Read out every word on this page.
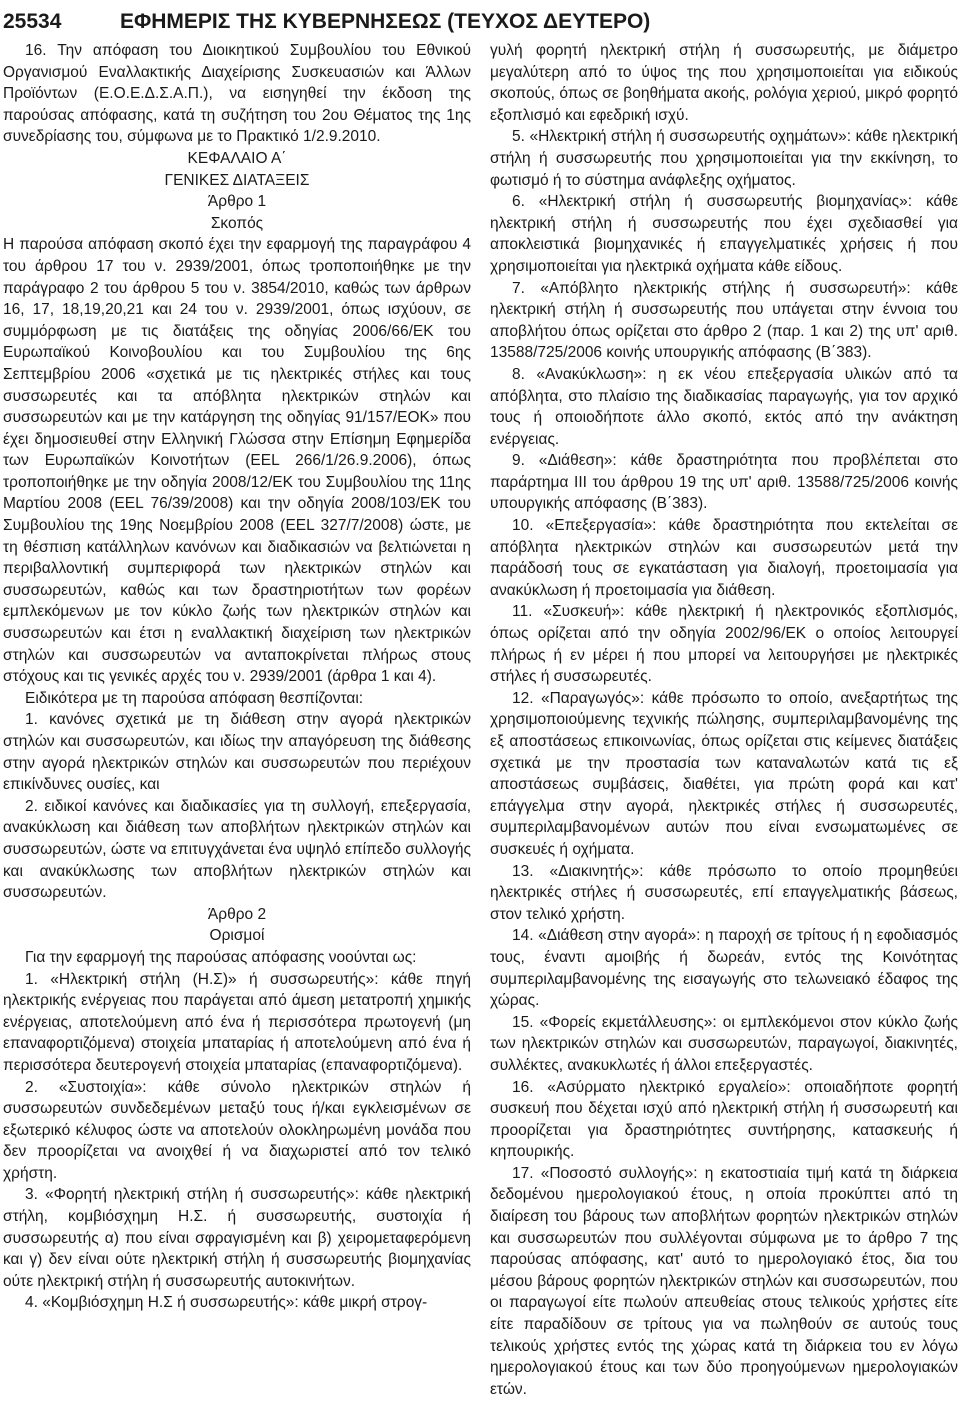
25534	ΕΦΗΜΕΡΙΣ ΤΗΣ ΚΥΒΕΡΝΗΣΕΩΣ (ΤΕΥΧΟΣ ΔΕΥΤΕΡΟ)

16. Την απόφαση του Διοικητικού Συμβουλίου του Εθνικού Οργανισμού Εναλλακτικής Διαχείρισης Συσκευασιών και Άλλων Προϊόντων (Ε.Ο.Ε.Δ.Σ.Α.Π.), να εισηγηθεί την έκδοση της παρούσας απόφασης, κατά τη συζήτηση του 2ου Θέματος της 1ης συνεδρίασης του, σύμφωνα με το Πρακτικό 1/2.9.2010.

ΚΕΦΑΛΑΙΟ Α΄

ΓΕΝΙΚΕΣ ΔΙΑΤΑΞΕΙΣ

Άρθρο 1

Σκοπός

Η παρούσα απόφαση σκοπό έχει την εφαρμογή της παραγράφου 4 του άρθρου 17 του ν. 2939/2001, όπως τροποποιήθηκε με την παράγραφο 2 του άρθρου 5 του ν. 3854/2010, καθώς των άρθρων 16, 17, 18,19,20,21 και 24 του ν. 2939/2001, όπως ισχύουν, σε συμμόρφωση με τις διατάξεις της οδηγίας 2006/66/ΕΚ του Ευρωπαϊκού Κοινοβουλίου και του Συμβουλίου της 6ης Σεπτεμβρίου 2006 «σχετικά με τις ηλεκτρικές στήλες και τους συσσωρευτές και τα απόβλητα ηλεκτρικών στηλών και συσσωρευτών και με την κατάργηση της οδηγίας 91/157/ΕΟΚ» που έχει δημοσιευθεί στην Ελληνική Γλώσσα στην Επίσημη Εφημερίδα των Ευρωπαϊκών Κοινοτήτων (ΕΕL 266/1/26.9.2006), όπως τροποποιήθηκε με την οδηγία 2008/12/ΕΚ του Συμβουλίου της 11ης Μαρτίου 2008 (ΕΕL 76/39/2008) και την οδηγία 2008/103/ΕΚ του Συμβουλίου της 19ης Νοεμβρίου 2008 (ΕΕL 327/7/2008) ώστε, με τη θέσπιση κατάλληλων κανόνων και διαδικασιών να βελτιώνεται η περιβαλλοντική συμπεριφορά των ηλεκτρικών στηλών και συσσωρευτών, καθώς και των δραστηριοτήτων των φορέων εμπλεκόμενων με τον κύκλο ζωής των ηλεκτρικών στηλών και συσσωρευτών και έτσι η εναλλακτική διαχείριση των ηλεκτρικών στηλών και συσσωρευτών να ανταποκρίνεται πλήρως στους στόχους και τις γενικές αρχές του ν. 2939/2001 (άρθρα 1 και 4).

Ειδικότερα με τη παρούσα απόφαση θεσπίζονται:

1. κανόνες σχετικά με τη διάθεση στην αγορά ηλεκτρικών στηλών και συσσωρευτών, και ιδίως την απαγόρευση της διάθεσης στην αγορά ηλεκτρικών στηλών και συσσωρευτών που περιέχουν επικίνδυνες ουσίες, και

2. ειδικοί κανόνες και διαδικασίες για τη συλλογή, επεξεργασία, ανακύκλωση και διάθεση των αποβλήτων ηλεκτρικών στηλών και συσσωρευτών, ώστε να επιτυγχάνεται ένα υψηλό επίπεδο συλλογής και ανακύκλωσης των αποβλήτων ηλεκτρικών στηλών και συσσωρευτών.

Άρθρο 2

Ορισμοί

Για την εφαρμογή της παρούσας απόφασης νοούνται ως:

1. «Ηλεκτρική στήλη (Η.Σ)» ή συσσωρευτής»: κάθε πηγή ηλεκτρικής ενέργειας που παράγεται από άμεση μετατροπή χημικής ενέργειας, αποτελούμενη από ένα ή περισσότερα πρωτογενή (μη επαναφορτιζόμενα) στοιχεία μπαταρίας ή αποτελούμενη από ένα ή περισσότερα δευτερογενή στοιχεία μπαταρίας (επαναφορτιζόμενα).

2. «Συστοιχία»: κάθε σύνολο ηλεκτρικών στηλών ή συσσωρευτών συνδεδεμένων μεταξύ τους ή/και εγκλεισμένων σε εξωτερικό κέλυφος ώστε να αποτελούν ολοκληρωμένη μονάδα που δεν προορίζεται να ανοιχθεί ή να διαχωριστεί από τον τελικό χρήστη.

3. «Φορητή ηλεκτρική στήλη ή συσσωρευτής»: κάθε ηλεκτρική στήλη, κομβιόσχημη Η.Σ. ή συσσωρευτής, συστοιχία ή συσσωρευτής α) που είναι σφραγισμένη και β) χειρομεταφερόμενη και γ) δεν είναι ούτε ηλεκτρική στήλη ή συσσωρευτής βιομηχανίας ούτε ηλεκτρική στήλη ή συσσωρευτής αυτοκινήτων.

4. «Κομβιόσχημη Η.Σ ή συσσωρευτής»: κάθε μικρή στρογ-

γυλή φορητή ηλεκτρική στήλη ή συσσωρευτής, με διάμετρο μεγαλύτερη από το ύψος της που χρησιμοποιείται για ειδικούς σκοπούς, όπως σε βοηθήματα ακοής, ρολόγια χεριού, μικρό φορητό εξοπλισμό και εφεδρική ισχύ.

5. «Ηλεκτρική στήλη ή συσσωρευτής οχημάτων»: κάθε ηλεκτρική στήλη ή συσσωρευτής που χρησιμοποιείται για την εκκίνηση, το φωτισμό ή το σύστημα ανάφλεξης οχήματος.

6. «Ηλεκτρική στήλη ή συσσωρευτής βιομηχανίας»: κάθε ηλεκτρική στήλη ή συσσωρευτής που έχει σχεδιασθεί για αποκλειστικά βιομηχανικές ή επαγγελματικές χρήσεις ή που χρησιμοποιείται για ηλεκτρικά οχήματα κάθε είδους.

7. «Απόβλητο ηλεκτρικής στήλης ή συσσωρευτή»: κάθε ηλεκτρική στήλη ή συσσωρευτής που υπάγεται στην έννοια του αποβλήτου όπως ορίζεται στο άρθρο 2 (παρ. 1 και 2) της υπ' αριθ. 13588/725/2006 κοινής υπουργικής απόφασης (Β΄383).

8. «Ανακύκλωση»: η εκ νέου επεξεργασία υλικών από τα απόβλητα, στο πλαίσιο της διαδικασίας παραγωγής, για τον αρχικό τους ή οποιοδήποτε άλλο σκοπό, εκτός από την ανάκτηση ενέργειας.

9. «Διάθεση»: κάθε δραστηριότητα που προβλέπεται στο παράρτημα ΙΙΙ του άρθρου 19 της υπ' αριθ. 13588/725/2006 κοινής υπουργικής απόφασης (Β΄383).

10. «Επεξεργασία»: κάθε δραστηριότητα που εκτελείται σε απόβλητα ηλεκτρικών στηλών και συσσωρευτών μετά την παράδοσή τους σε εγκατάσταση για διαλογή, προετοιμασία για ανακύκλωση ή προετοιμασία για διάθεση.

11. «Συσκευή»: κάθε ηλεκτρική ή ηλεκτρονικός εξοπλισμός, όπως ορίζεται από την οδηγία 2002/96/ΕΚ ο οποίος λειτουργεί πλήρως ή εν μέρει ή που μπορεί να λειτουργήσει με ηλεκτρικές στήλες ή συσσωρευτές.

12. «Παραγωγός»: κάθε πρόσωπο το οποίο, ανεξαρτήτως της χρησιμοποιούμενης τεχνικής πώλησης, συμπεριλαμβανομένης της εξ αποστάσεως επικοινωνίας, όπως ορίζεται στις κείμενες διατάξεις σχετικά με την προστασία των καταναλωτών κατά τις εξ αποστάσεως συμβάσεις, διαθέτει, για πρώτη φορά και κατ' επάγγελμα στην αγορά, ηλεκτρικές στήλες ή συσσωρευτές, συμπεριλαμβανομένων αυτών που είναι ενσωματωμένες σε συσκευές ή οχήματα.

13. «Διακινητής»: κάθε πρόσωπο το οποίο προμηθεύει ηλεκτρικές στήλες ή συσσωρευτές, επί επαγγελματικής βάσεως, στον τελικό χρήστη.

14. «Διάθεση στην αγορά»: η παροχή σε τρίτους ή η εφοδιασμός τους, έναντι αμοιβής ή δωρεάν, εντός της Κοινότητας συμπεριλαμβανομένης της εισαγωγής στο τελωνειακό έδαφος της χώρας.

15. «Φορείς εκμετάλλευσης»: οι εμπλεκόμενοι στον κύκλο ζωής των ηλεκτρικών στηλών και συσσωρευτών, παραγωγοί, διακινητές, συλλέκτες, ανακυκλωτές ή άλλοι επεξεργαστές.

16. «Ασύρματο ηλεκτρικό εργαλείο»: οποιαδήποτε φορητή συσκευή που δέχεται ισχύ από ηλεκτρική στήλη ή συσσωρευτή και προορίζεται για δραστηριότητες συντήρησης, κατασκευής ή κηπουρικής.

17. «Ποσοστό συλλογής»: η εκατοστιαία τιμή κατά τη διάρκεια δεδομένου ημερολογιακού έτους, η οποία προκύπτει από τη διαίρεση του βάρους των αποβλήτων φορητών ηλεκτρικών στηλών και συσσωρευτών που συλλέγονται σύμφωνα με το άρθρο 7 της παρούσας απόφασης, κατ' αυτό το ημερολογιακό έτος, δια του μέσου βάρους φορητών ηλεκτρικών στηλών και συσσωρευτών, που οι παραγωγοί είτε πωλούν απευθείας στους τελικούς χρήστες είτε είτε παραδίδουν σε τρίτους για να πωληθούν σε αυτούς τους τελικούς χρήστες εντός της χώρας κατά τη διάρκεια του εν λόγω ημερολογιακού έτους και των δύο προηγούμενων ημερολογιακών ετών.
